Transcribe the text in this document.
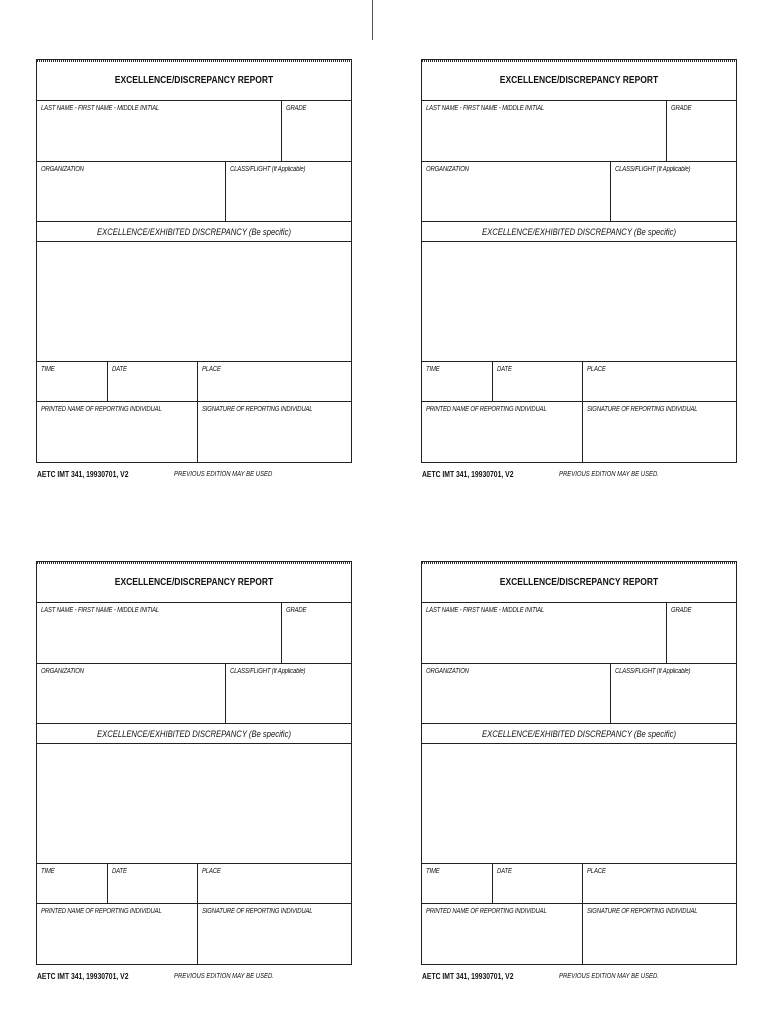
EXCELLENCE/DISCREPANCY REPORT
LAST NAME - FIRST NAME - MIDDLE INITIAL	GRADE
ORGANIZATION	CLASS/FLIGHT (If Applicable)
EXCELLENCE/EXHIBITED DISCREPANCY (Be specific)
TIME	DATE	PLACE
PRINTED NAME OF REPORTING INDIVIDUAL	SIGNATURE OF REPORTING INDIVIDUAL
AETC IMT 341, 19930701, V2	PREVIOUS EDITION MAY BE USED
EXCELLENCE/DISCREPANCY REPORT
LAST NAME - FIRST NAME - MIDDLE INITIAL	GRADE
ORGANIZATION	CLASS/FLIGHT (If Applicable)
EXCELLENCE/EXHIBITED DISCREPANCY (Be specific)
TIME	DATE	PLACE
PRINTED NAME OF REPORTING INDIVIDUAL	SIGNATURE OF REPORTING INDIVIDUAL
AETC IMT 341, 19930701, V2	PREVIOUS EDITION MAY BE USED.
EXCELLENCE/DISCREPANCY REPORT
LAST NAME - FIRST NAME - MIDDLE INITIAL	GRADE
ORGANIZATION	CLASS/FLIGHT (If Applicable)
EXCELLENCE/EXHIBITED DISCREPANCY (Be specific)
TIME	DATE	PLACE
PRINTED NAME OF REPORTING INDIVIDUAL	SIGNATURE OF REPORTING INDIVIDUAL
AETC IMT 341, 19930701, V2	PREVIOUS EDITION MAY BE USED.
EXCELLENCE/DISCREPANCY REPORT
LAST NAME - FIRST NAME - MIDDLE INITIAL	GRADE
ORGANIZATION	CLASS/FLIGHT (If Applicable)
EXCELLENCE/EXHIBITED DISCREPANCY (Be specific)
TIME	DATE	PLACE
PRINTED NAME OF REPORTING INDIVIDUAL	SIGNATURE OF REPORTING INDIVIDUAL
AETC IMT 341, 19930701, V2	PREVIOUS EDITION MAY BE USED.
